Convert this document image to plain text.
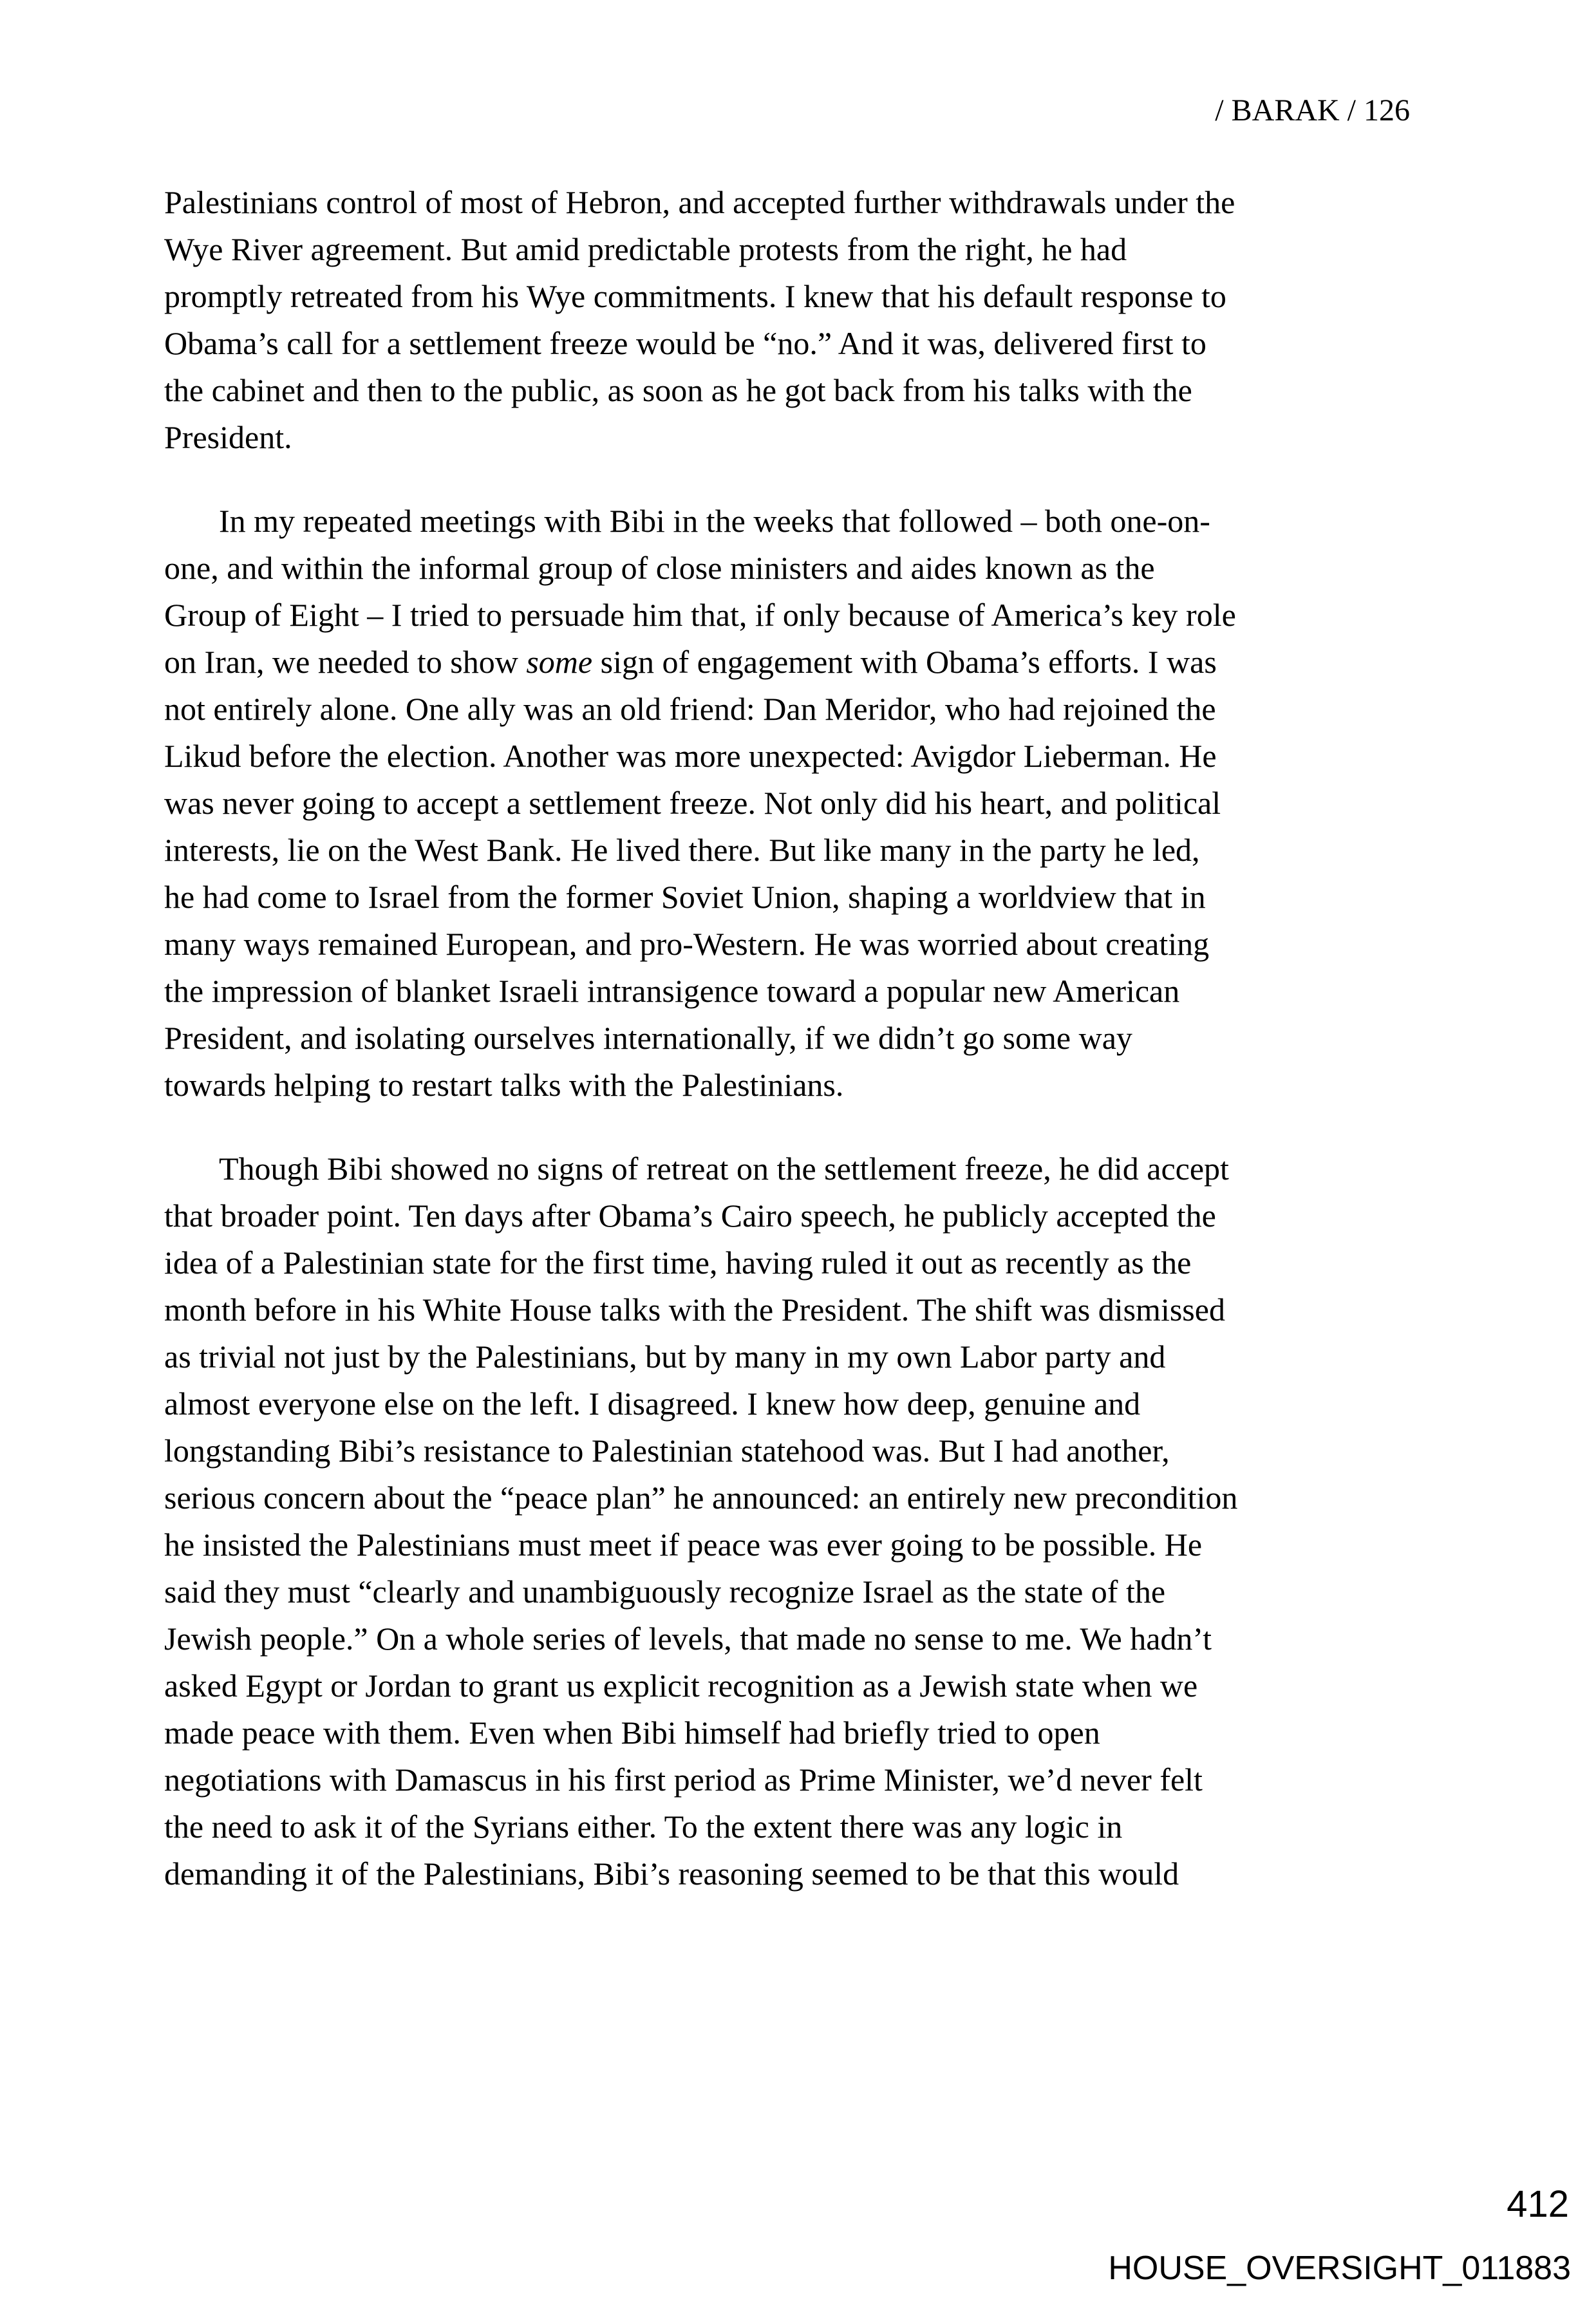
/ BARAK / 126
Palestinians control of most of Hebron, and accepted further withdrawals under the
Wye River agreement. But amid predictable protests from the right, he had
promptly retreated from his Wye commitments. I knew that his default response to
Obama’s call for a settlement freeze would be “no.” And it was, delivered first to
the cabinet and then to the public, as soon as he got back from his talks with the
President.
In my repeated meetings with Bibi in the weeks that followed – both one-on-
one, and within the informal group of close ministers and aides known as the
Group of Eight – I tried to persuade him that, if only because of America’s key role
on Iran, we needed to show some sign of engagement with Obama’s efforts. I was
not entirely alone. One ally was an old friend: Dan Meridor, who had rejoined the
Likud before the election. Another was more unexpected: Avigdor Lieberman. He
was never going to accept a settlement freeze. Not only did his heart, and political
interests, lie on the West Bank. He lived there. But like many in the party he led,
he had come to Israel from the former Soviet Union, shaping a worldview that in
many ways remained European, and pro-Western. He was worried about creating
the impression of blanket Israeli intransigence toward a popular new American
President, and isolating ourselves internationally, if we didn’t go some way
towards helping to restart talks with the Palestinians.
Though Bibi showed no signs of retreat on the settlement freeze, he did accept
that broader point. Ten days after Obama’s Cairo speech, he publicly accepted the
idea of a Palestinian state for the first time, having ruled it out as recently as the
month before in his White House talks with the President. The shift was dismissed
as trivial not just by the Palestinians, but by many in my own Labor party and
almost everyone else on the left. I disagreed. I knew how deep, genuine and
longstanding Bibi’s resistance to Palestinian statehood was. But I had another,
serious concern about the “peace plan” he announced: an entirely new precondition
he insisted the Palestinians must meet if peace was ever going to be possible. He
said they must “clearly and unambiguously recognize Israel as the state of the
Jewish people.” On a whole series of levels, that made no sense to me. We hadn’t
asked Egypt or Jordan to grant us explicit recognition as a Jewish state when we
made peace with them. Even when Bibi himself had briefly tried to open
negotiations with Damascus in his first period as Prime Minister, we’d never felt
the need to ask it of the Syrians either. To the extent there was any logic in
demanding it of the Palestinians, Bibi’s reasoning seemed to be that this would
412
HOUSE_OVERSIGHT_011883
